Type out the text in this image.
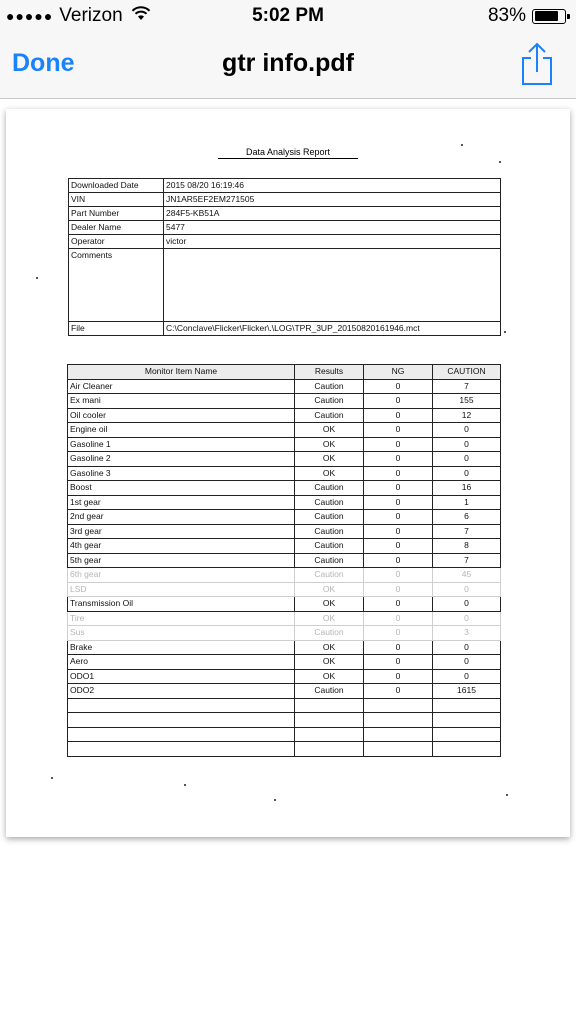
●●●●● Verizon	5:02 PM	83%
Done	gtr info.pdf
Data Analysis Report
Downloaded Date	2015 08/20 16:19:46
VIN	JN1AR5EF2EM271505
Part Number	284F5-KB51A
Dealer Name	5477
Operator	victor
Comments	
File	C:\Conclave\Flicker\Flicker\.\LOG\TPR_3UP_20150820161946.mct
Monitor Item Name	Results	NG	CAUTION
Air Cleaner	Caution	0	7
Ex mani	Caution	0	155
Oil cooler	Caution	0	12
Engine oil	OK	0	0
Gasoline 1	OK	0	0
Gasoline 2	OK	0	0
Gasoline 3	OK	0	0
Boost	Caution	0	16
1st gear	Caution	0	1
2nd gear	Caution	0	6
3rd gear	Caution	0	7
4th gear	Caution	0	8
5th gear	Caution	0	7
6th gear	Caution	0	45
LSD	OK	0	0
Transmission Oil	OK	0	0
Tire	OK	0	0
Sus	Caution	0	3
Brake	OK	0	0
Aero	OK	0	0
ODO1	OK	0	0
ODO2	Caution	0	1615
